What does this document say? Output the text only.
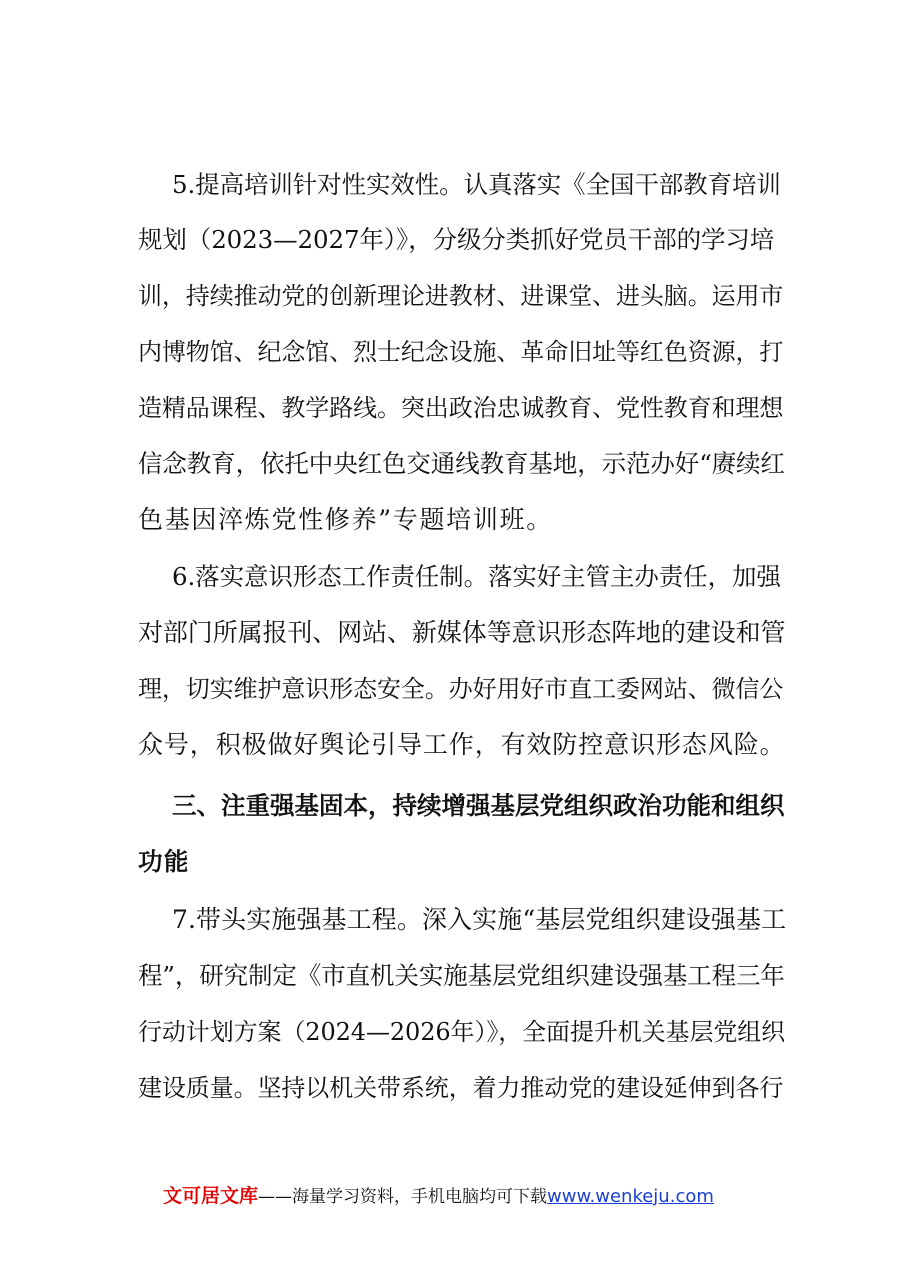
5.提高培训针对性实效性。认真落实《全国干部教育培训
规划（2023—2027年）》，分级分类抓好党员干部的学习培
训，持续推动党的创新理论进教材、进课堂、进头脑。运用市
内博物馆、纪念馆、烈士纪念设施、革命旧址等红色资源，打
造精品课程、教学路线。突出政治忠诚教育、党性教育和理想
信念教育，依托中央红色交通线教育基地，示范办好“赓续红
色基因淬炼党性修养”专题培训班。
6.落实意识形态工作责任制。落实好主管主办责任，加强
对部门所属报刊、网站、新媒体等意识形态阵地的建设和管
理，切实维护意识形态安全。办好用好市直工委网站、微信公
众号，积极做好舆论引导工作，有效防控意识形态风险。
三、注重强基固本，持续增强基层党组织政治功能和组织
功能
7.带头实施强基工程。深入实施“基层党组织建设强基工
程”，研究制定《市直机关实施基层党组织建设强基工程三年
行动计划方案（2024—2026年）》，全面提升机关基层党组织
建设质量。坚持以机关带系统，着力推动党的建设延伸到各行
文可居文库——海量学习资料，手机电脑均可下载www.wenkeju.com
